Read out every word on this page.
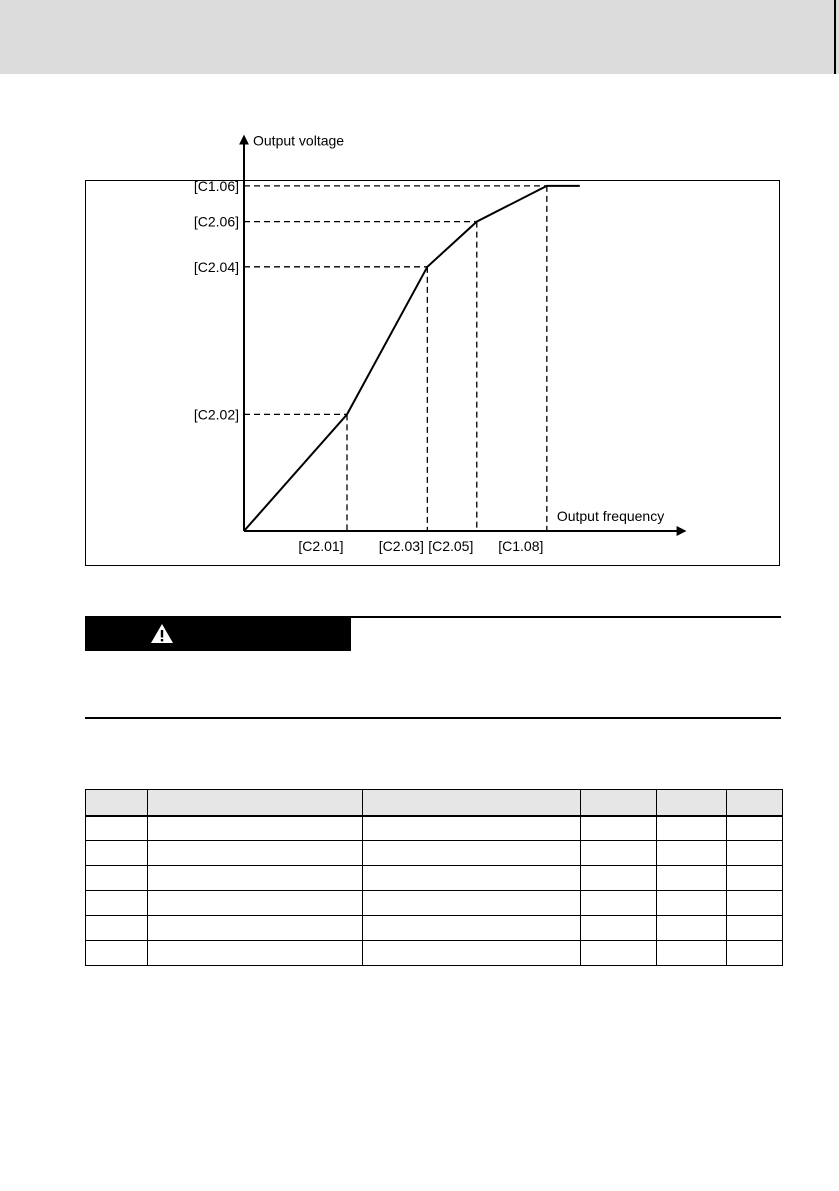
Output voltage
Output frequency
[C1.06]
[C2.06]
[C2.04]
[C2.02]
[C2.01]	[C2.03] [C2.05] [C1.08]
